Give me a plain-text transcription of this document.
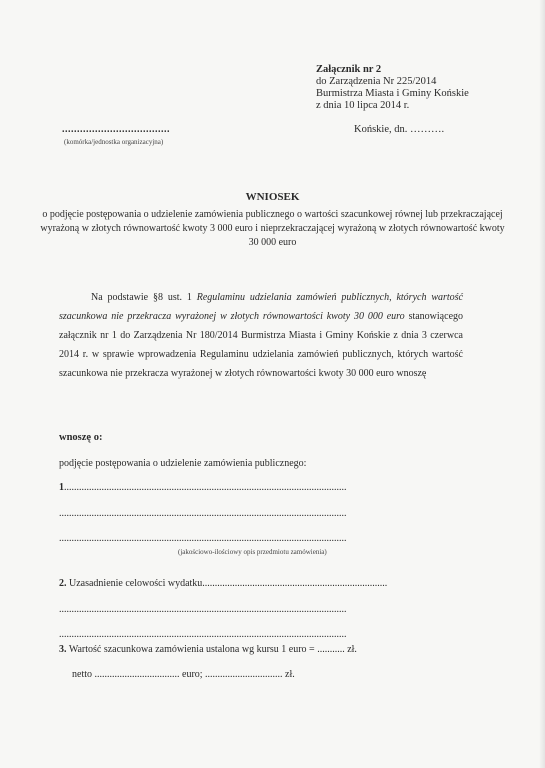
Załącznik nr 2
do Zarządzenia Nr 225/2014
Burmistrza Miasta i Gminy Końskie
z dnia 10 lipca 2014 r.
....................................
(komórka/jednostka organizacyjna)
Końskie, dn. ……….
WNIOSEK
o podjęcie postępowania o udzielenie zamówienia publicznego o wartości szacunkowej równej lub przekraczającej wyrażoną w złotych równowartość kwoty 3 000 euro i nieprzekraczającej wyrażoną w złotych równowartość kwoty 30 000 euro
Na podstawie §8 ust. 1 Regulaminu udzielania zamówień publicznych, których wartość szacunkowa nie przekracza wyrażonej w złotych równowartości kwoty 30 000 euro stanowiącego załącznik nr 1 do Zarządzenia Nr 180/2014 Burmistrza Miasta i Gminy Końskie z dnia 3 czerwca 2014 r. w sprawie wprowadzenia Regulaminu udzielania zamówień publicznych, których wartość szacunkowa nie przekracza wyrażonej w złotych równowartości kwoty 30 000 euro wnoszę
wnoszę o:
podjęcie postępowania o udzielenie zamówienia publicznego:
1.................................................................................................................
...................................................................................................................
...................................................................................................................
(jakościowo-ilościowy opis przedmiotu zamówienia)
2. Uzasadnienie celowości wydatku..........................................................................
...................................................................................................................
...................................................................................................................
3. Wartość szacunkowa zamówienia ustalona wg kursu 1 euro = ........... zł.
netto .................................. euro; ............................... zł.
